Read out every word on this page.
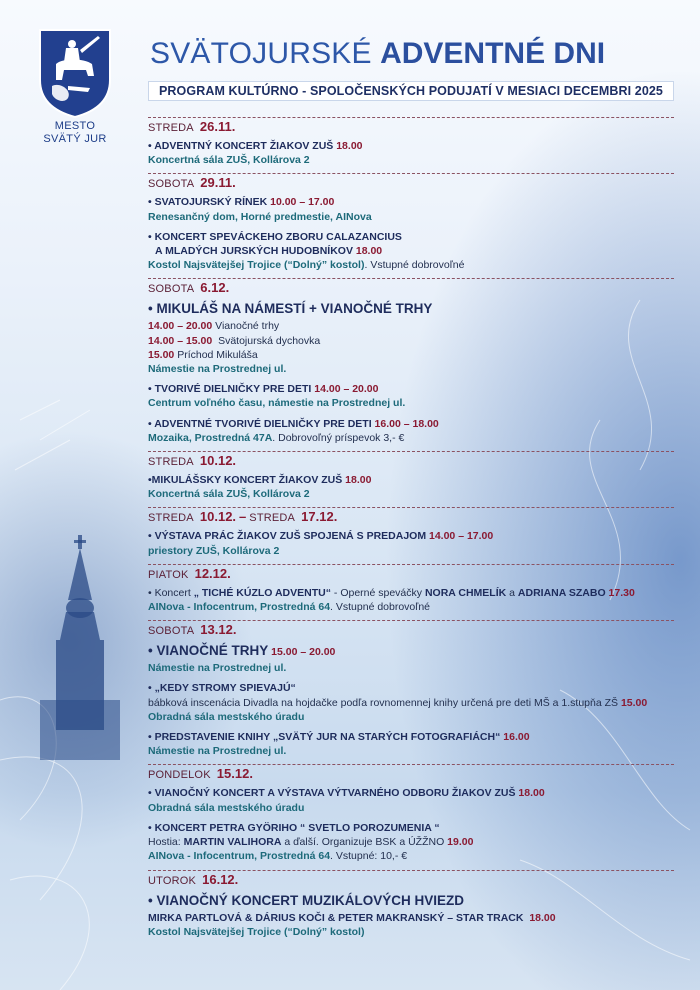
MESTO
SVÄTÝ JUR
SVÄTOJURSKÉ ADVENTNÉ DNI
PROGRAM KULTÚRNO - SPOLOČENSKÝCH PODUJATÍ V MESIACI DECEMBRI 2025
STREDA 26.11.
• ADVENTNÝ KONCERT ŽIAKOV ZUŠ 18.00
Koncertná sála ZUŠ, Kollárova 2
SOBOTA 29.11.
• SVATOJURSKÝ RÍNEK 10.00 – 17.00
Renesančný dom, Horné predmestie, AINova
• KONCERT SPEVÁCKEHO ZBORU CALAZANCIUS
A MLADÝCH JURSKÝCH HUDOBNÍKOV 18.00
Kostol Najsvätejšej Trojice (“Dolný” kostol). Vstupné dobrovoľné
SOBOTA 6.12.
• MIKULÁŠ NA NÁMESTÍ + VIANOČNÉ TRHY
14.00 – 20.00 Vianočné trhy
14.00 – 15.00 Svätojurská dychovka
15.00 Príchod Mikuláša
Námestie na Prostrednej ul.
• TVORIVÉ DIELNIČKY PRE DETI 14.00 – 20.00
Centrum voľného času, námestie na Prostrednej ul.
• ADVENTNÉ TVORIVÉ DIELNIČKY PRE DETI 16.00 – 18.00
Mozaika, Prostredná 47A. Dobrovoľný príspevok 3,- €
STREDA 10.12.
•MIKULÁŠSKY KONCERT ŽIAKOV ZUŠ 18.00
Koncertná sála ZUŠ, Kollárova 2
STREDA 10.12. – STREDA 17.12.
• VÝSTAVA PRÁC ŽIAKOV ZUŠ SPOJENÁ S PREDAJOM 14.00 – 17.00
priestory ZUŠ, Kollárova 2
PIATOK 12.12.
• Koncert „ TICHÉ KÚZLO ADVENTU“ - Operné speváčky NORA CHMELÍK a ADRIANA SZABO 17.30
AINova - Infocentrum, Prostredná 64. Vstupné dobrovoľné
SOBOTA 13.12.
• VIANOČNÉ TRHY 15.00 – 20.00
Námestie na Prostrednej ul.
• „KEDY STROMY SPIEVAJÚ“
bábková inscenácia Divadla na hojdačke podľa rovnomennej knihy určená pre deti MŠ a 1.stupňa ZŠ 15.00
Obradná sála mestského úradu
• PREDSTAVENIE KNIHY „SVÄTÝ JUR NA STARÝCH FOTOGRAFIÁCH“ 16.00
Námestie na Prostrednej ul.
PONDELOK 15.12.
• VIANOČNÝ KONCERT A VÝSTAVA VÝTVARNÉHO ODBORU ŽIAKOV ZUŠ 18.00
Obradná sála mestského úradu
• KONCERT PETRA GYÖRIHO “ SVETLO POROZUMENIA “
Hostia: MARTIN VALIHORA a ďalší. Organizuje BSK a ÚŽŽNO 19.00
AINova - Infocentrum, Prostredná 64. Vstupné: 10,- €
UTOROK 16.12.
• VIANOČNÝ KONCERT MUZIKÁLOVÝCH HVIEZD
MIRKA PARTLOVÁ & DÁRIUS KOČI & PETER MAKRANSKÝ – STAR TRACK 18.00
Kostol Najsvätejšej Trojice (“Dolný” kostol)
